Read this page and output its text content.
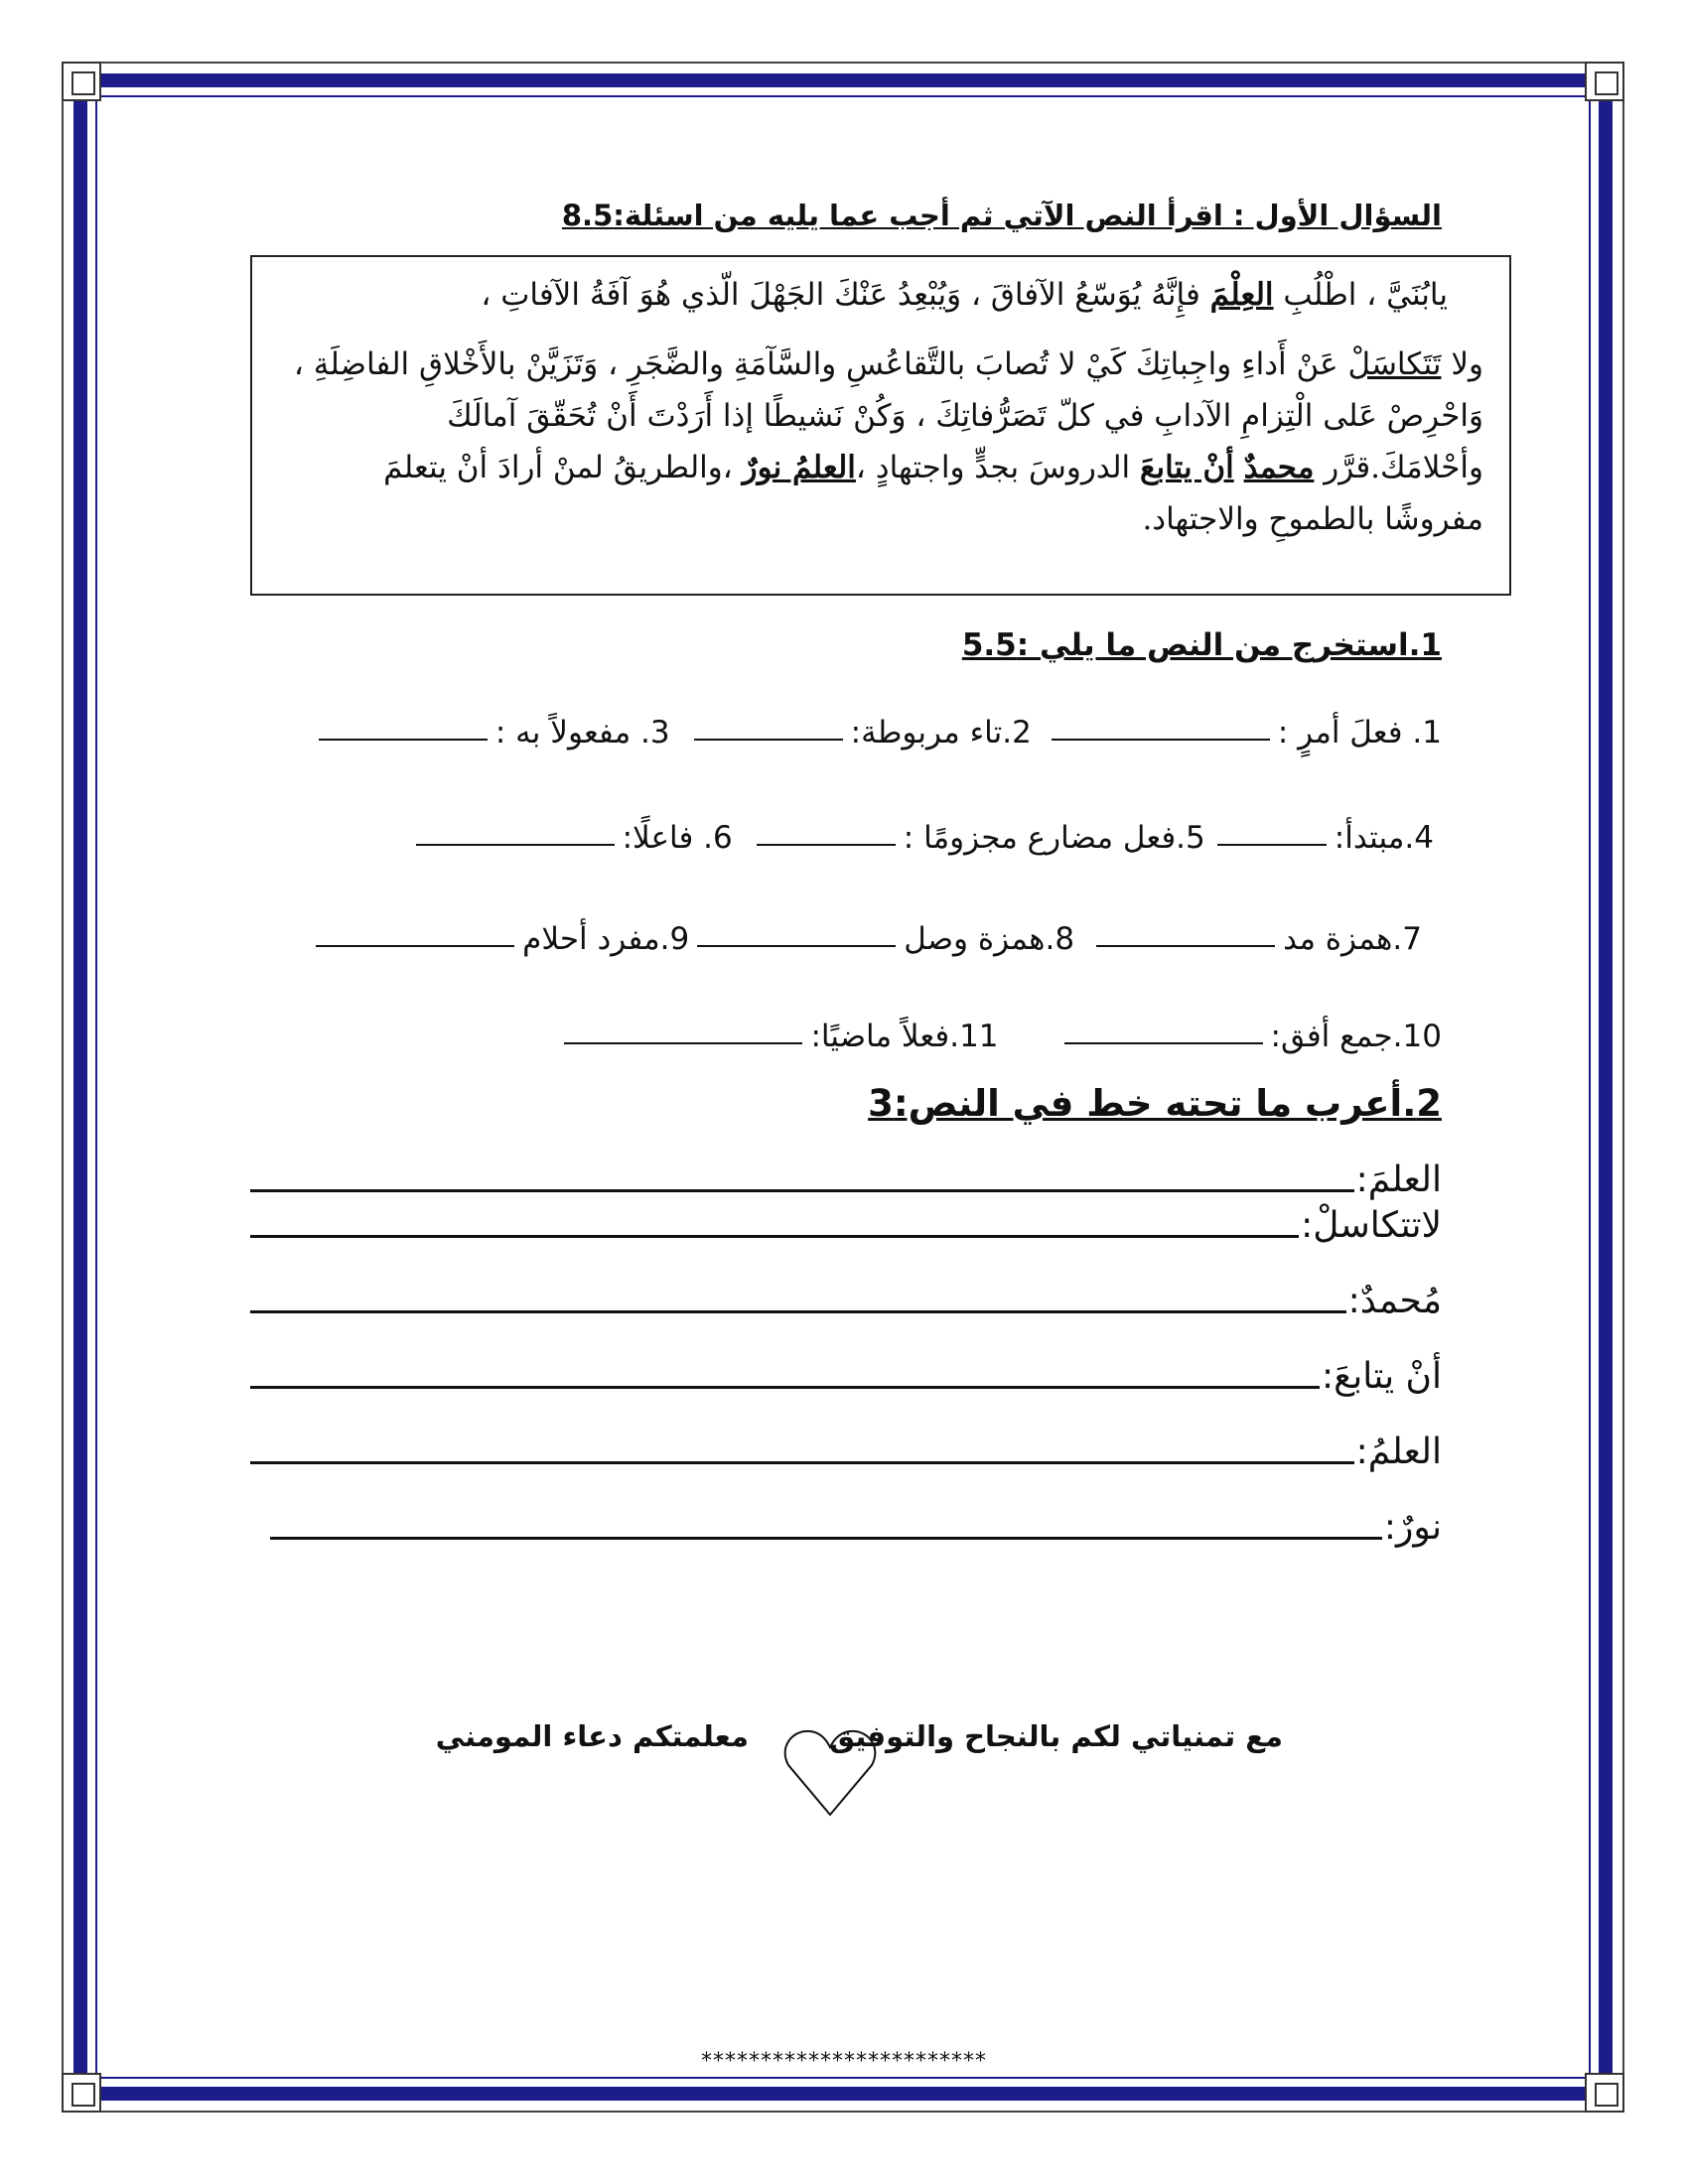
السؤال الأول : اقرأ النص الآتي ثم أجب عما يليه من اسئلة:8.5

يابُنَيَّ ، اطْلُبِ العِلْمَ فإِنَّهُ يُوَسّعُ الآفاقَ ، وَيُبْعِدُ عَنْكَ الجَهْلَ الّذي هُوَ آفَةُ الآفاتِ ،

ولا تَتَكاسَلْ عَنْ أَداءِ واجِباتِكَ كَيْ لا تُصابَ بالتَّقاعُسِ والسَّآمَةِ والضَّجَرِ ، وَتَزَيَّنْ بالأَخْلاقِ الفاضِلَةِ ، وَاحْرِصْ عَلى الْتِزامِ الآدابِ في كلّ تَصَرُّفاتِكَ ، وَكُنْ نَشيطًا إذا أَرَدْتَ أَنْ تُحَقّقَ آمالَكَ وأحْلامَكَ.قرَّر محمدٌ أنْ يتابعَ الدروسَ بجدٍّ واجتهادٍ ،العلمُ نورٌ ،والطريقُ لمنْ أرادَ أنْ يتعلمَ مفروشًا بالطموحِ والاجتهاد.

1.استخرج من النص ما يلي :5.5
1. فعلَ أمرٍ :
2.تاء مربوطة:
3. مفعولاً به :
4.مبتدأ:
5.فعل مضارع مجزومًا :
6. فاعلًا:
7.همزة مد
8.همزة وصل
9.مفرد أحلام
10.جمع أفق:
11.فعلاً ماضيًا:
2.أعرب ما تحته خط في النص:3
العلمَ:
لاتتكاسلْ:
مُحمدٌ:
أنْ يتابعَ:
العلمُ:
نورٌ:
مع تمنياتي لكم بالنجاح والتوفيق
معلمتكم دعاء المومني
************************
